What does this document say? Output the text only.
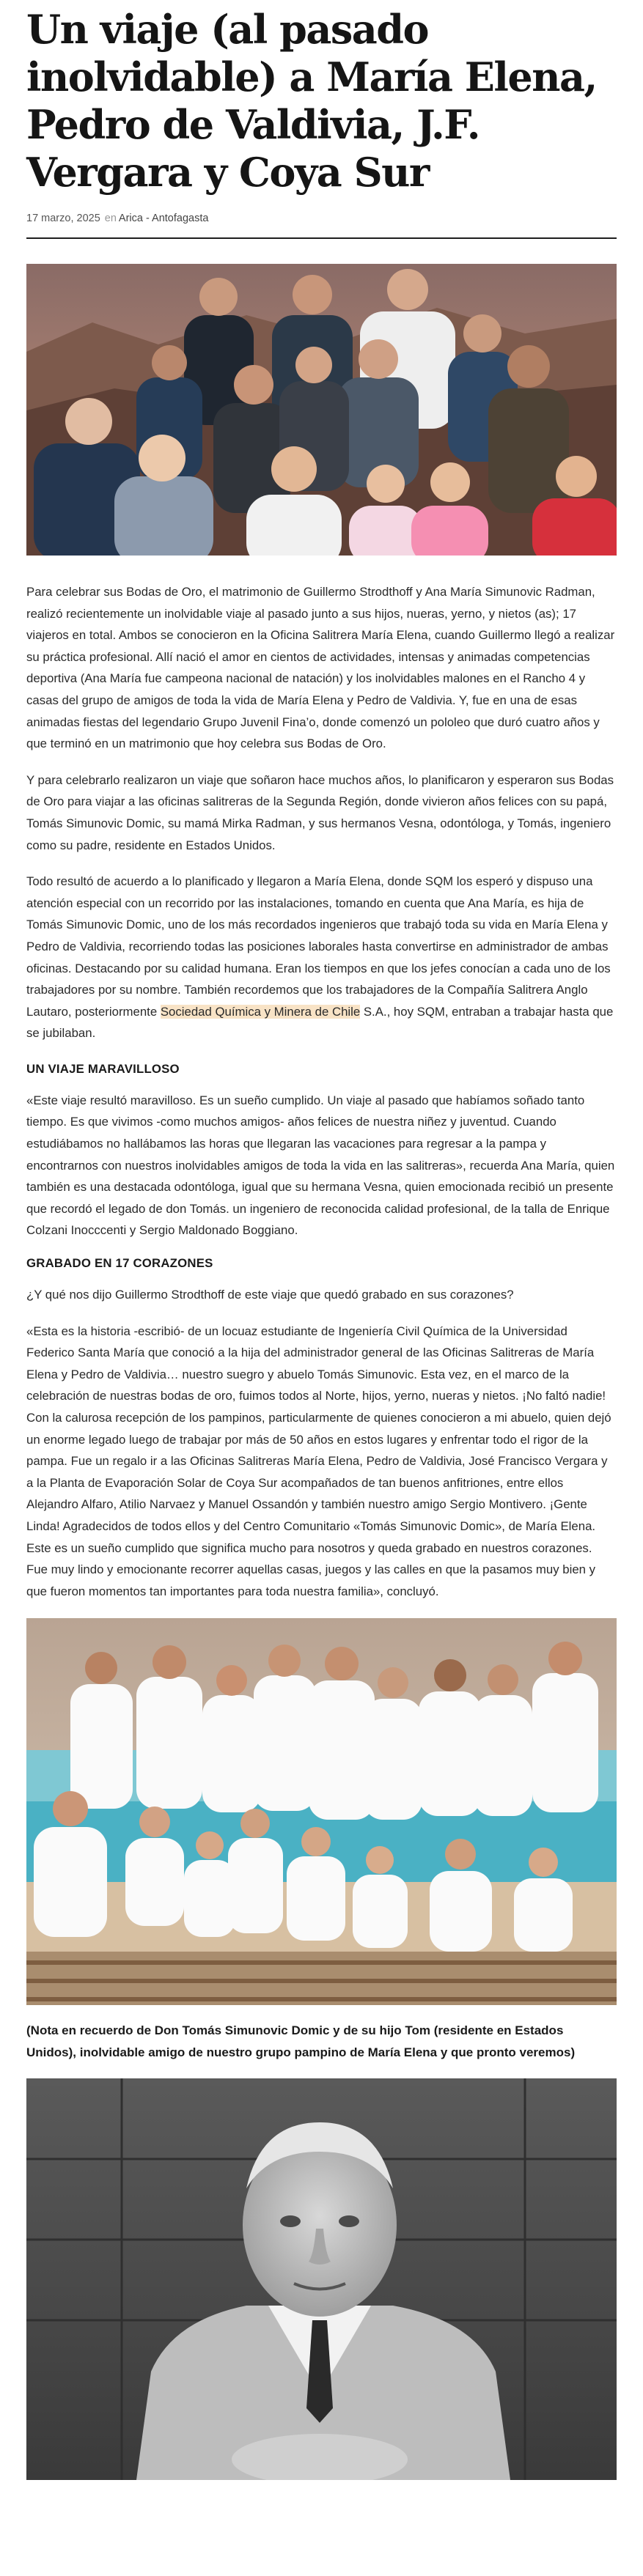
Un viaje (al pasado inolvidable) a María Elena, Pedro de Valdivia, J.F. Vergara y Coya Sur
17 marzo, 2025 en Arica - Antofagasta

Para celebrar sus Bodas de Oro, el matrimonio de Guillermo Strodthoff y Ana María Simunovic Radman, realizó recientemente un inolvidable viaje al pasado junto a sus hijos, nueras, yerno, y nietos (as); 17 viajeros en total. Ambos se conocieron en la Oficina Salitrera María Elena, cuando Guillermo llegó a realizar su práctica profesional. Allí nació el amor en cientos de actividades, intensas y animadas competencias deportiva (Ana María fue campeona nacional de natación) y los inolvidables malones en el Rancho 4 y casas del grupo de amigos de toda la vida de María Elena y Pedro de Valdivia. Y, fue en una de esas animadas fiestas del legendario Grupo Juvenil Fina’o, donde comenzó un pololeo que duró cuatro años y que terminó en un matrimonio que hoy celebra sus Bodas de Oro.

Y para celebrarlo realizaron un viaje que soñaron hace muchos años, lo planificaron y esperaron sus Bodas de Oro para viajar a las oficinas salitreras de la Segunda Región, donde vivieron años felices con su papá, Tomás Simunovic Domic, su mamá Mirka Radman, y sus hermanos Vesna, odontóloga, y Tomás, ingeniero como su padre, residente en Estados Unidos.

Todo resultó de acuerdo a lo planificado y llegaron a María Elena, donde SQM los esperó y dispuso una atención especial con un recorrido por las instalaciones, tomando en cuenta que Ana María, es hija de Tomás Simunovic Domic, uno de los más recordados ingenieros que trabajó toda su vida en María Elena y Pedro de Valdivia, recorriendo todas las posiciones laborales hasta convertirse en administrador de ambas oficinas. Destacando por su calidad humana. Eran los tiempos en que los jefes conocían a cada uno de los trabajadores por su nombre. También recordemos que los trabajadores de la Compañía Salitrera Anglo Lautaro, posteriormente Sociedad Química y Minera de Chile S.A., hoy SQM, entraban a trabajar hasta que se jubilaban.

UN VIAJE MARAVILLOSO

«Este viaje resultó maravilloso. Es un sueño cumplido. Un viaje al pasado que habíamos soñado tanto tiempo. Es que vivimos -como muchos amigos- años felices de nuestra niñez y juventud. Cuando estudiábamos no hallábamos las horas que llegaran las vacaciones para regresar a la pampa y encontrarnos con nuestros inolvidables amigos de toda la vida en las salitreras», recuerda Ana María, quien también es una destacada odontóloga, igual que su hermana Vesna, quien emocionada recibió un presente que recordó el legado de don Tomás. un ingeniero de reconocida calidad profesional, de la talla de Enrique Colzani Inocccenti y Sergio Maldonado Boggiano.

GRABADO EN 17 CORAZONES

¿Y qué nos dijo Guillermo Strodthoff de este viaje que quedó grabado en sus corazones?

«Esta es la historia -escribió- de un locuaz estudiante de Ingeniería Civil Química de la Universidad Federico Santa María que conoció a la hija del administrador general de las Oficinas Salitreras de María Elena y Pedro de Valdivia… nuestro suegro y abuelo Tomás Simunovic. Esta vez, en el marco de la celebración de nuestras bodas de oro, fuimos todos al Norte, hijos, yerno, nueras y nietos. ¡No faltó nadie! Con la calurosa recepción de los pampinos, particularmente de quienes conocieron a mi abuelo, quien dejó un enorme legado luego de trabajar por más de 50 años en estos lugares y enfrentar todo el rigor de la pampa. Fue un regalo ir a las Oficinas Salitreras María Elena, Pedro de Valdivia, José Francisco Vergara y a la Planta de Evaporación Solar de Coya Sur acompañados de tan buenos anfitriones, entre ellos Alejandro Alfaro, Atilio Narvaez y Manuel Ossandón y también nuestro amigo Sergio Montivero. ¡Gente Linda! Agradecidos de todos ellos y del Centro Comunitario «Tomás Simunovic Domic», de María Elena. Este es un sueño cumplido que significa mucho para nosotros y queda grabado en nuestros corazones. Fue muy lindo y emocionante recorrer aquellas casas, juegos y las calles en que la pasamos muy bien y que fueron momentos tan importantes para toda nuestra familia», concluyó.

(Nota en recuerdo de Don Tomás Simunovic Domic y de su hijo Tom (residente en Estados Unidos), inolvidable amigo de nuestro grupo pampino de María Elena y que pronto veremos)
